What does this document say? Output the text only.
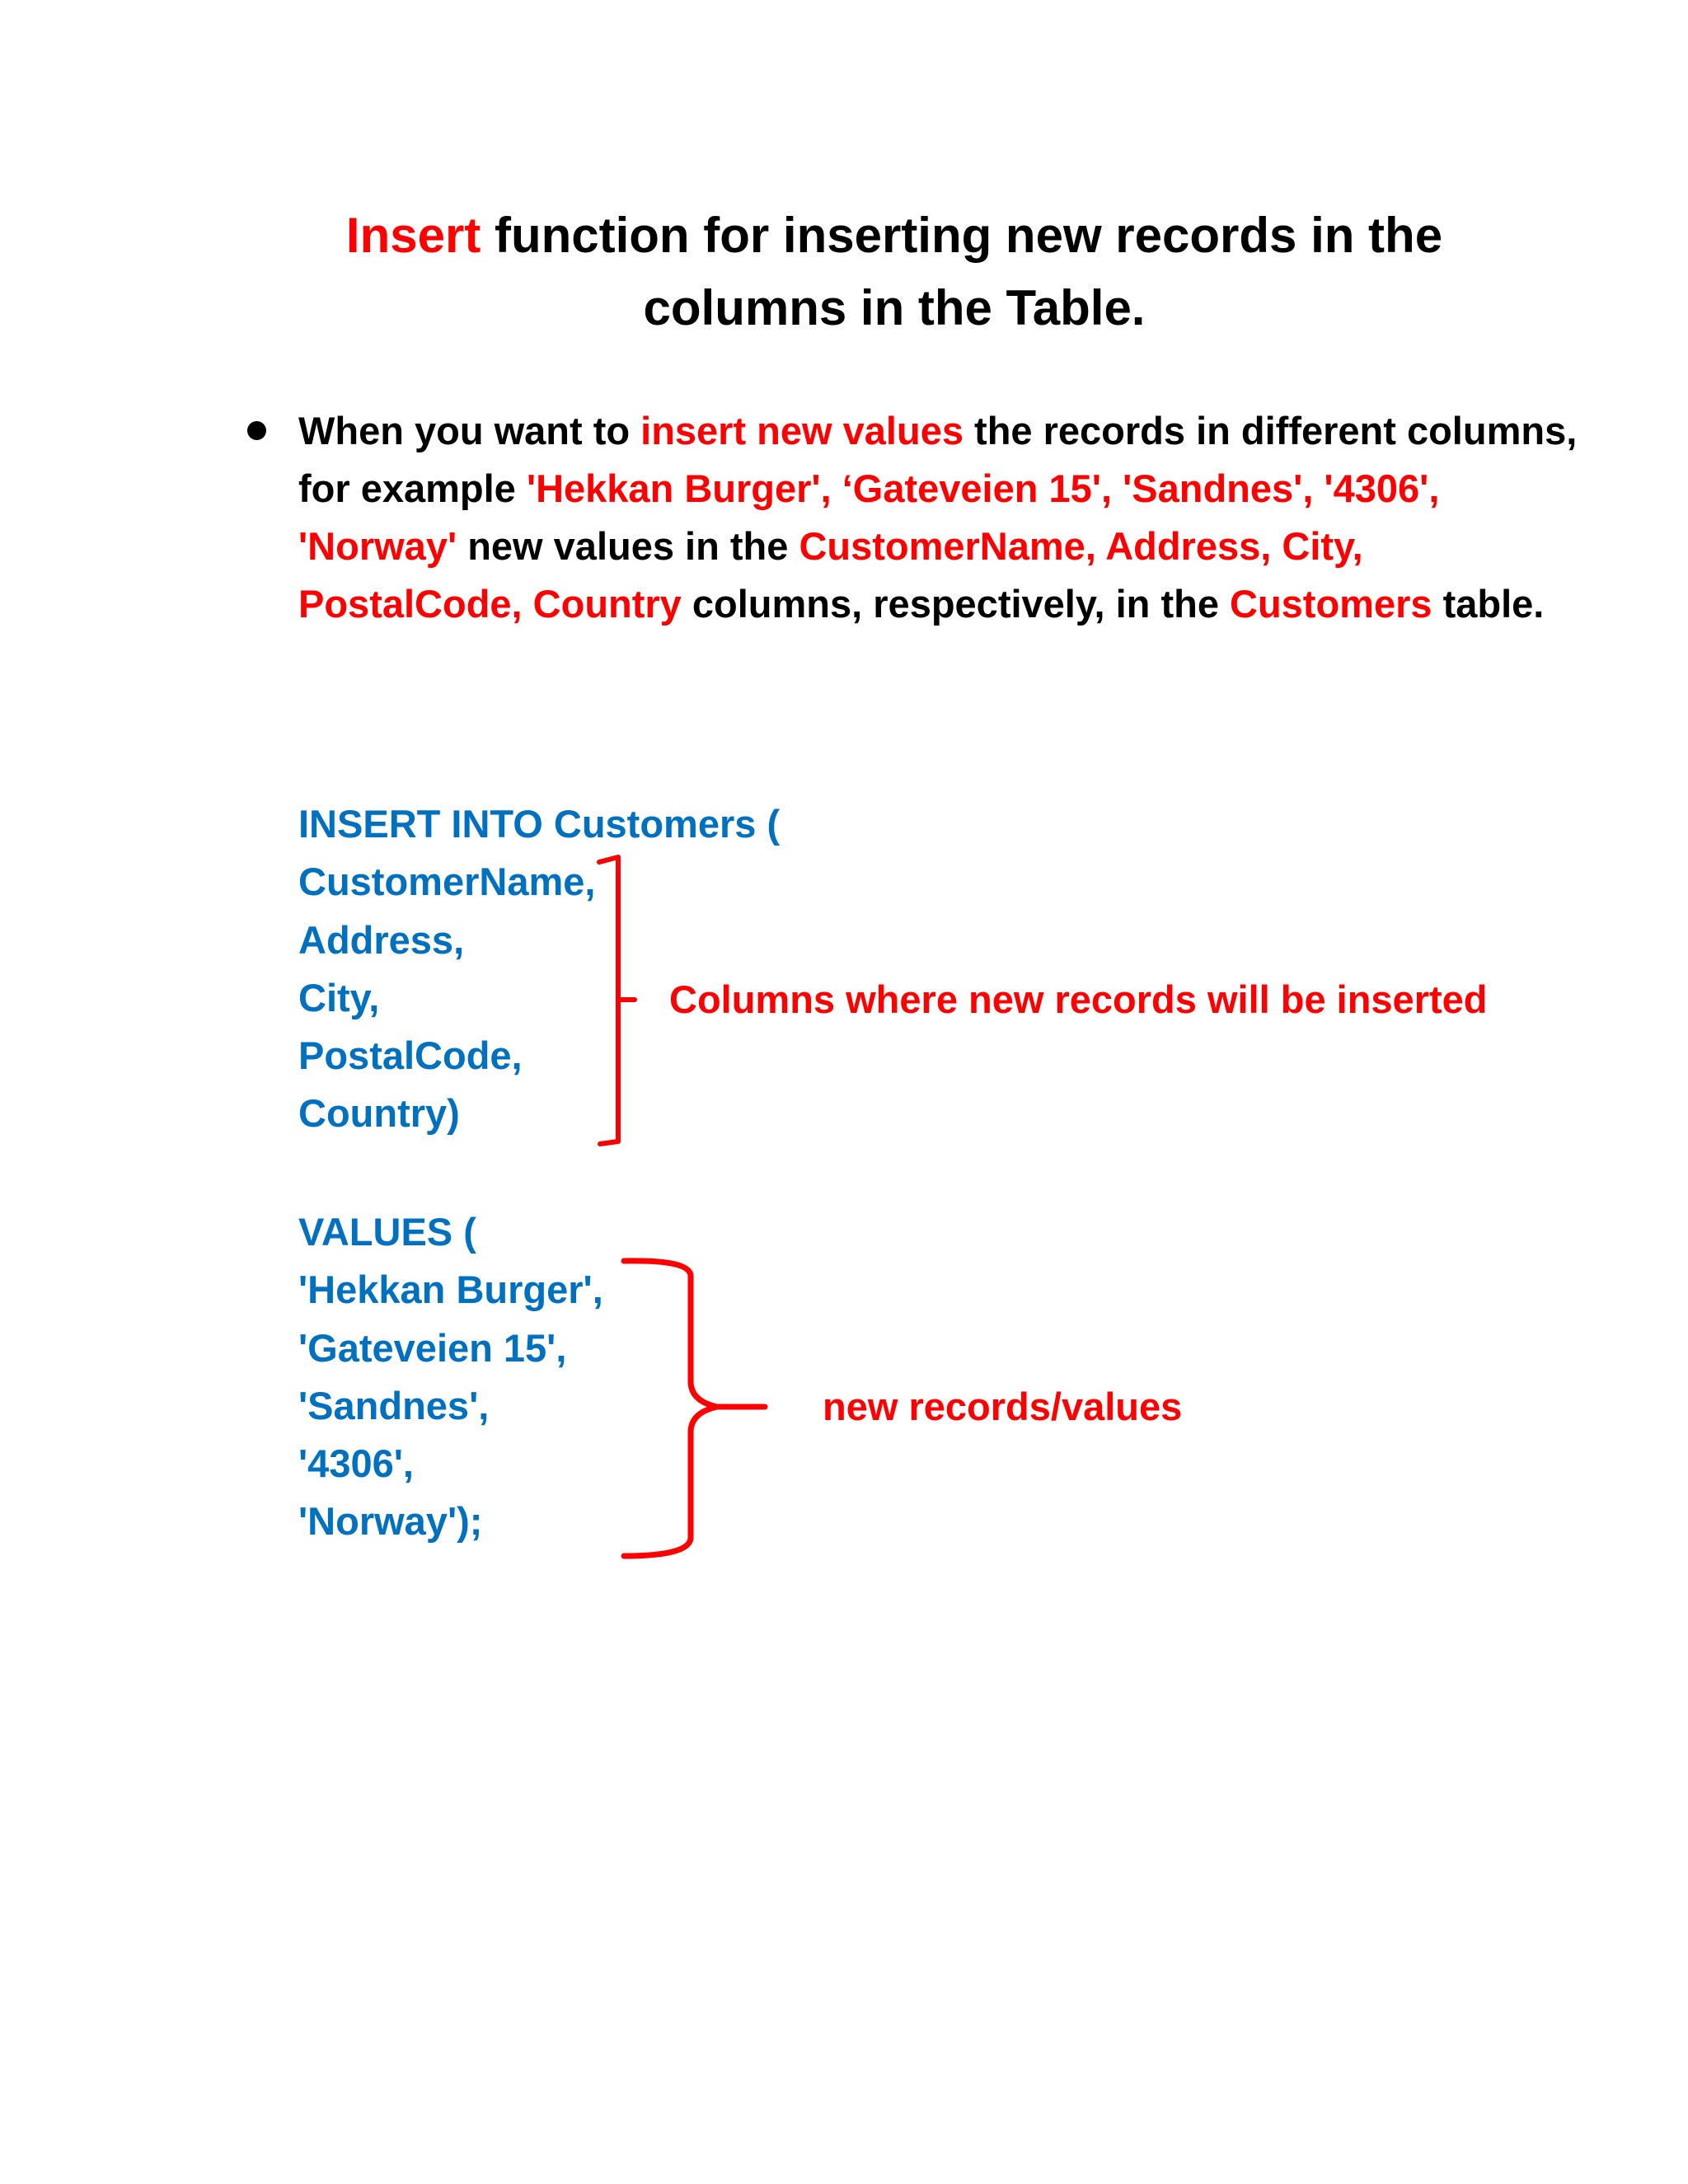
Insert function for inserting new records in the
columns in the Table.
When you want to insert new values the records in different columns, for example 'Hekkan Burger', ‘Gateveien 15', 'Sandnes', '4306', 'Norway' new values in the CustomerName, Address, City, PostalCode, Country columns, respectively, in the Customers table.
INSERT INTO Customers (
CustomerName,
Address,
City,
PostalCode,
Country)
Columns where new records will be inserted
VALUES (
'Hekkan Burger',
'Gateveien 15',
'Sandnes',
'4306',
'Norway');
new records/values
